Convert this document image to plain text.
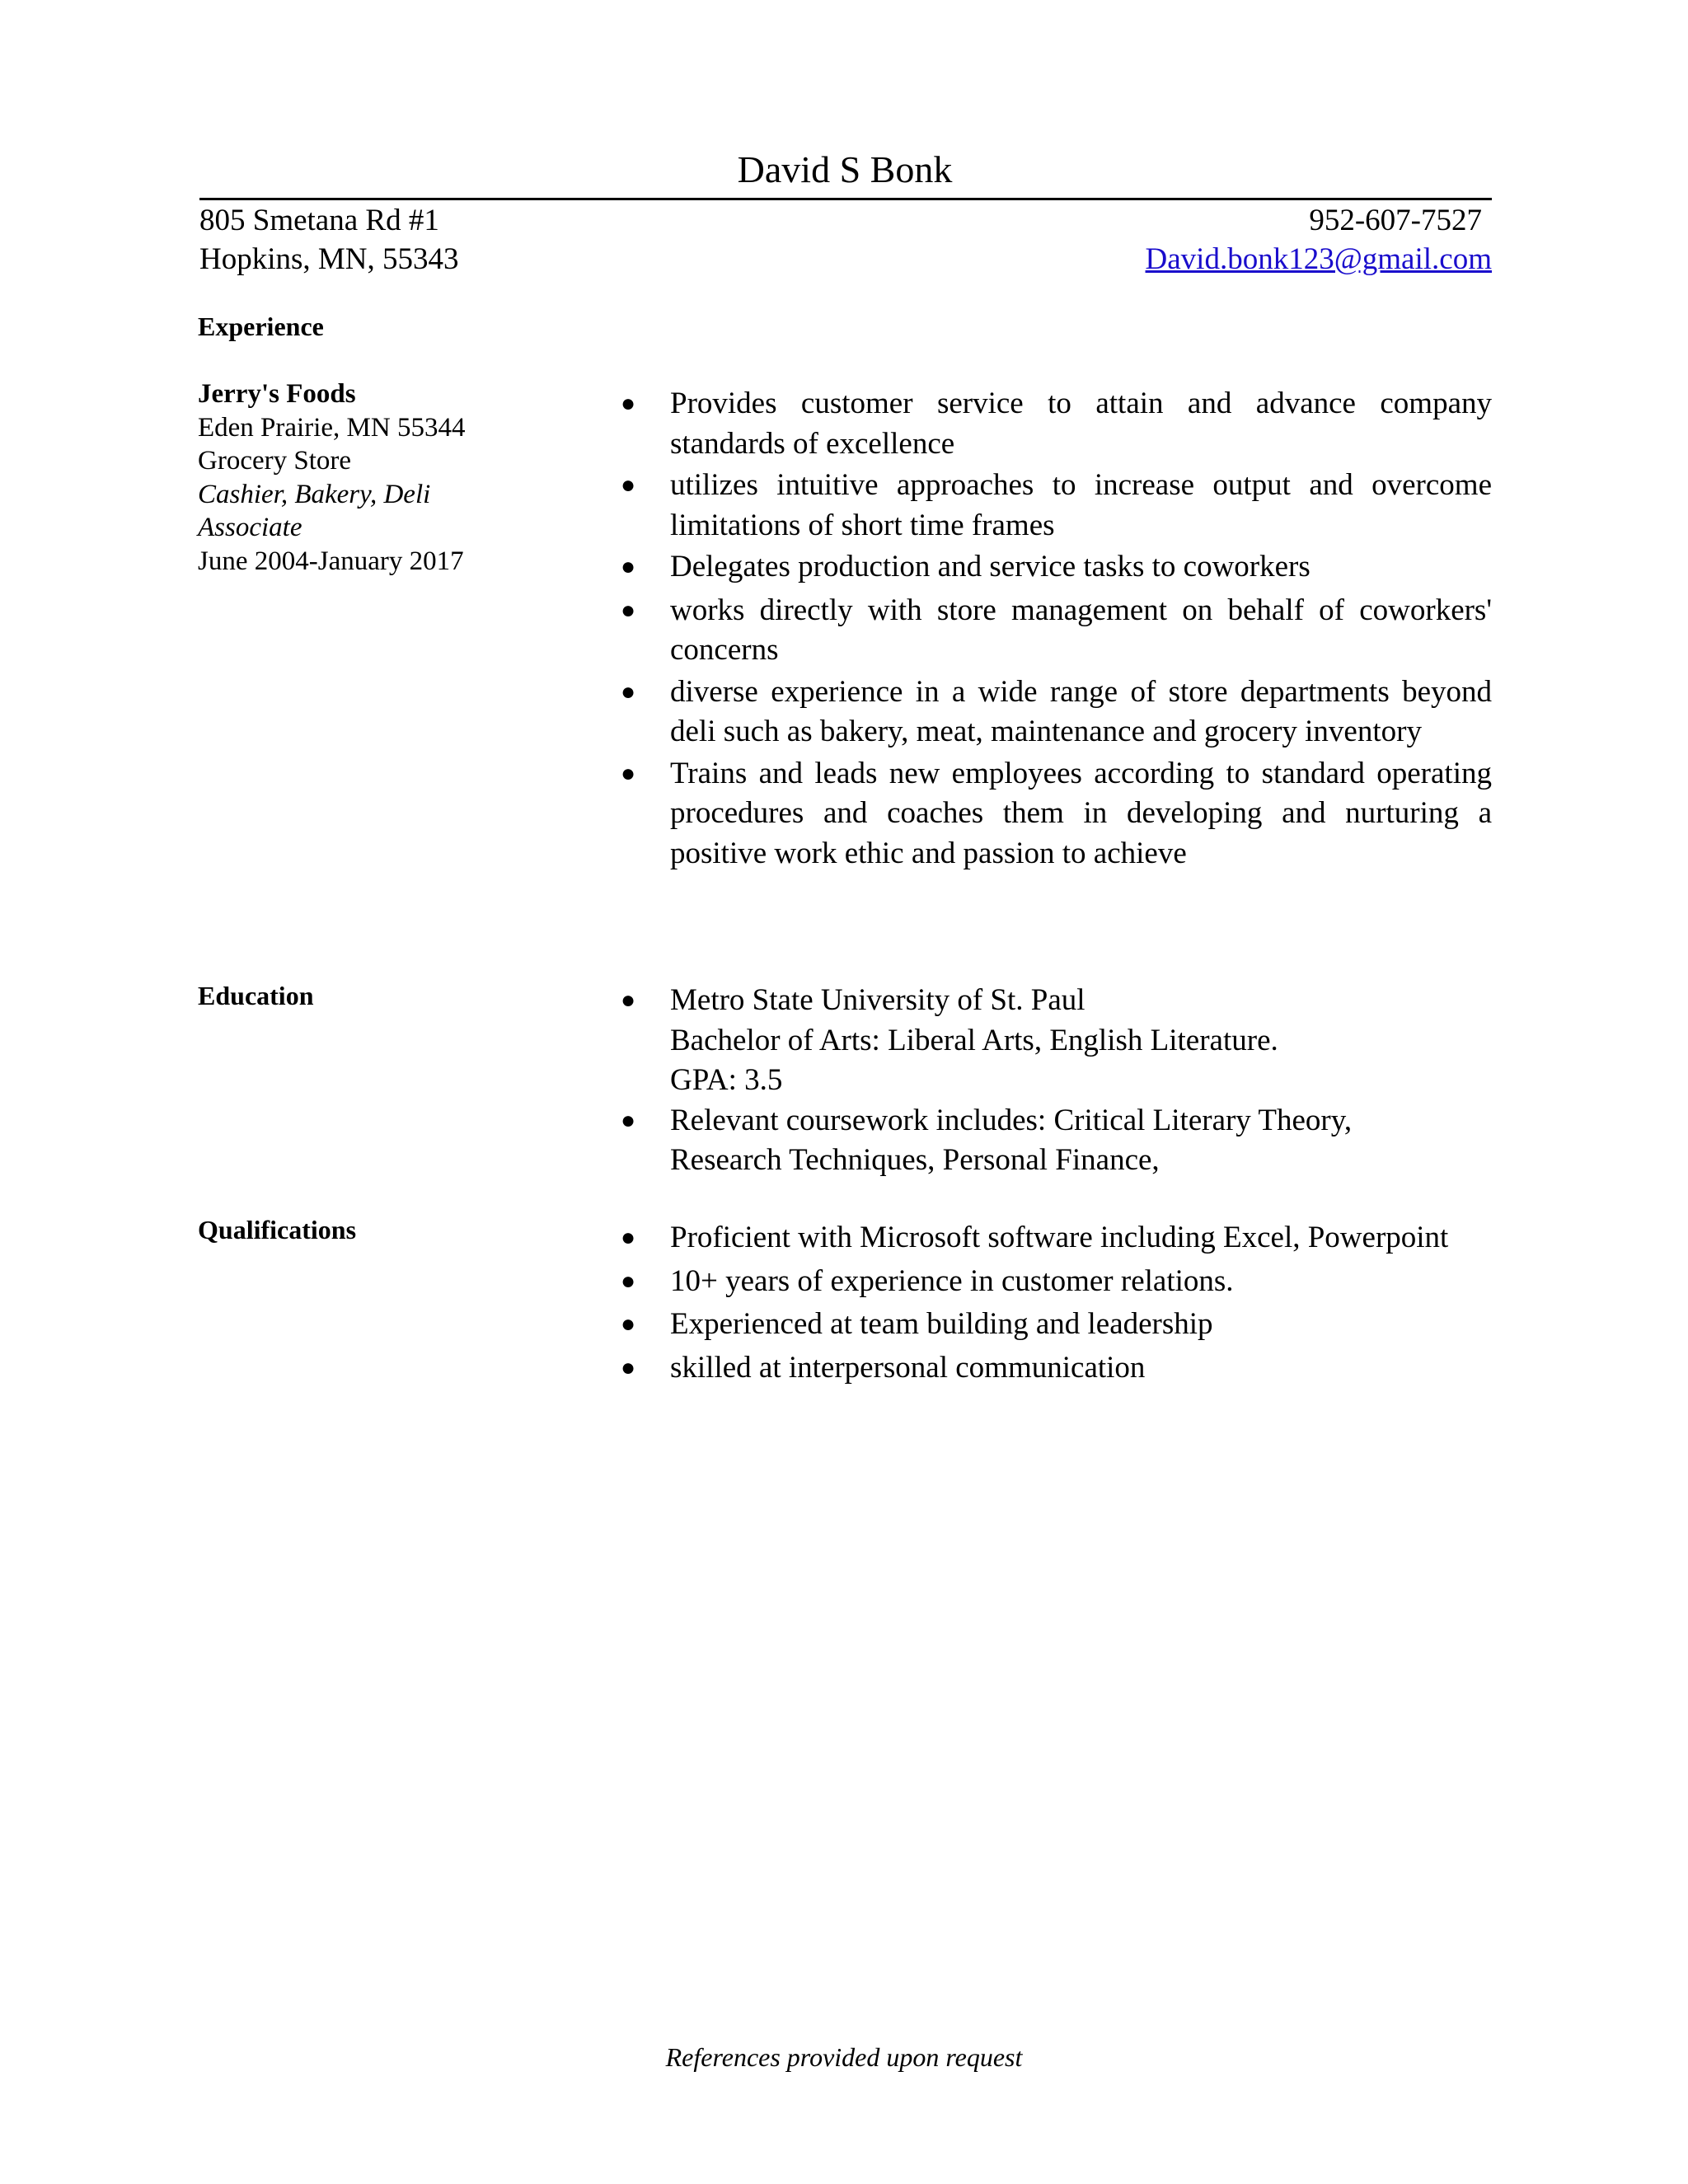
David S Bonk
805 Smetana Rd #1
Hopkins, MN, 55343
952-607-7527
David.bonk123@gmail.com
Experience
Jerry's Foods
Eden Prairie, MN 55344
Grocery Store
Cashier, Bakery, Deli
Associate
June 2004-January 2017
● Provides customer service to attain and advance company standards of excellence
● utilizes intuitive approaches to increase output and overcome limitations of short time frames
● Delegates production and service tasks to coworkers
● works directly with store management on behalf of coworkers' concerns
● diverse experience in a wide range of store departments beyond deli such as bakery, meat, maintenance and grocery inventory
● Trains and leads new employees according to standard operating procedures and coaches them in developing and nurturing a positive work ethic and passion to achieve
Education	● Metro State University of St. Paul
Bachelor of Arts: Liberal Arts, English Literature.
GPA: 3.5
● Relevant coursework includes: Critical Literary Theory,
Research Techniques, Personal Finance,
Qualifications	● Proficient with Microsoft software including Excel, Powerpoint
● 10+ years of experience in customer relations.
● Experienced at team building and leadership
● skilled at interpersonal communication
References provided upon request
